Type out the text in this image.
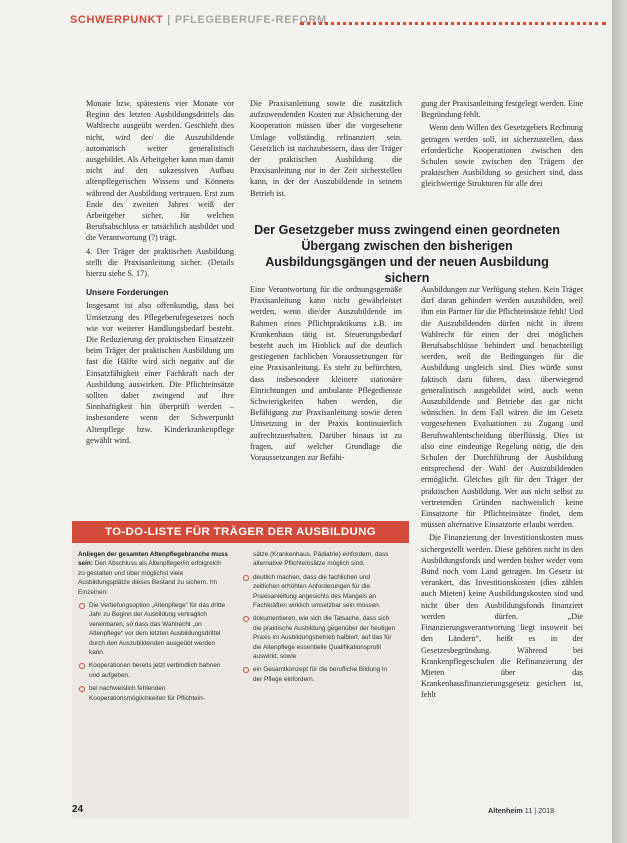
SCHWERPUNKT | PFLEGEBERUFE-REFORM

Monate bzw. spätestens vier Monate vor Beginn des letzten Ausbildungsdrittels das Wahlrecht ausgeübt werden. Geschieht dies nicht, wird der/ die Auszubildende automatisch weiter generalistisch ausgebildet. Als Arbeitgeber kann man damit nicht auf den sukzessiven Aufbau altenpflegerischen Wissens und Könnens während der Ausbildung vertrauen. Erst zum Ende des zweiten Jahres weiß der Arbeitgeber sicher, für welchen Berufsabschluss er tatsächlich ausbildet und die Verantwortung (?) trägt.

4. Der Träger der praktischen Ausbildung stellt die Praxisanleitung sicher. (Details hierzu siehe S. 17).

Unsere Forderungen

Insgesamt ist also offenkundig, dass bei Umsetzung des Pflegeberufegesetzes noch wie vor weiterer Handlungsbedarf besteht. Die Reduzierung der praktischen Einsatzzeit beim Träger der praktischen Ausbildung um fast die Hälfte wird sich negativ auf die Einsatzfähigkeit einer Fachkraft nach der Ausbildung auswirken. Die Pflichteinsätze sollten daher zwingend auf ihre Sinnhaftigkeit hin überprüft werden – insbesondere wenn der Schwerpunkt Altenpflege bzw. Kinderkrankenpflege gewählt wird.

Die Praxisanleitung sowie die zusätzlich aufzuwendenden Kosten zur Absicherung der Kooperation müssen über die vorgesehene Umlage vollständig refinanziert sein. Gesetzlich ist nachzubessern, dass der Träger der praktischen Ausbildung die Praxisanleitung nur in der Zeit sicherstellen kann, in der der Auszubildende in seinem Betrieb ist.

gung der Praxisanleitung festgelegt werden. Eine Begründung fehlt.

Wenn dem Willen des Gesetzgebers Rechnung getragen werden soll, ist sicherzustellen, dass erforderliche Kooperationen zwischen den Schulen sowie zwischen den Trägern der praktischen Ausbildung so gesichert sind, dass gleichwertige Strukturen für alle drei

Der Gesetzgeber muss zwingend einen geordneten Übergang zwischen den bisherigen Ausbildungsgängen und der neuen Ausbildung sichern

Eine Verantwortung für die ordnungsgemäße Praxisanleitung kann nicht gewährleistet werden, wenn die/der Auszubildende im Rahmen eines Pflichtpraktikums z.B. im Krankenhaus tätig ist. Steuerungsbedarf besteht auch im Hinblick auf die deutlich gestiegenen fachlichen Voraussetzungen für eine Praxisanleitung. Es steht zu befürchten, dass insbesondere kleinere stationäre Einrichtungen und ambulante Pflegedienste Schwierigkeiten haben werden, die Befähigung zur Praxisanleitung sowie deren Umsetzung in der Praxis kontinuierlich aufrechtzuerhalten. Darüber hinaus ist zu fragen, auf welcher Grundlage die Voraussetzungen zur Befähi-

Ausbildungen zur Verfügung stehen. Kein Träger darf daran gehindert werden auszubilden, weil ihm ein Partner für die Pflichteinsätze fehlt! Und die Auszubildenden dürfen nicht in ihrem Wahlrecht für einen der drei möglichen Berufsabschlüsse behindert und benachteiligt werden, weil die Bedingungen für die Ausbildung ungleich sind. Dies würde sonst faktisch dazu führen, dass überwiegend generalistisch ausgebildet wird, auch wenn Auszubildende und Betriebe das gar nicht wünschen. In dem Fall wären die im Gesetz vorgesehenen Evaluationen zu Zugang und Berufswahlentscheidung überflüssig. Dies ist also eine eindeutige Regelung nötig, die den Schulen der Durchführung der Ausbildung entsprechend der Wahl der Auszubildenden ermöglicht. Gleiches gilt für den Träger der praktischen Ausbildung. Wer aus nicht selbst zu vertretenden Gründen nachweislich keine Einsatzorte für Pflichteinsätze findet, dem müssen alternative Einsatzorte erlaubt werden.

Die Finanzierung der Investitionskosten muss sichergestellt werden. Diese gehören nicht in den Ausbildungsfonds und werden bisher weder vom Bund noch vom Land getragen. Im Gesetz ist verankert, das Investitionskosten (dies zählen auch Mieten) keine Ausbildungskosten sind und nicht über den Ausbildungsfonds finanziert werden dürfen. „Die Finanzierungsverantwortung liegt insoweit bei den Ländern“, heißt es in der Gesetzesbegründung. Während bei Krankenpflegeschulen die Refinanzierung der Mieten über das Krankenhausfinanzierungsgesetz gesichert ist, fehlt

TO-DO-LISTE FÜR TRÄGER DER AUSBILDUNG
Anliegen der gesamten Altenpflegebranche muss sein: Den Abschluss als Altenpfleger/in erfolgreich zu gestalten und über möglichst viele Ausbildungsplätze dieses Bestand zu sichern. Im Einzelnen:
Die Vertiefungsoption „Altenpflege“ für das dritte Jahr zu Beginn der Ausbildung vertraglich vereinbaren, so dass das Wahlrecht „on Altenpflege“ vor dem letzten Ausbildungsdrittel durch den Auszubildenden ausgeübt werden kann.
Kooperationen bereits jetzt verbindlich bahnen und aufgeben.
bei nachweislich fehlenden Kooperationsmöglichkeiten für Pflichtein-
sätze (Krankenhaus, Pädiatrie) einfordern, dass alternative Pflichteinsätze möglich sind.
deutlich machen, dass die fachlichen und zeitlichen erhöhten Anforderungen für die Praxisanleitung angesichts des Mangels an Fachkräften wirklich umsetzbar sein müssen.
dokumentieren, wie sich die Tatsache, dass sich die praktische Ausbildung gegenüber der heutigen Praxis im Ausbildungsbetrieb halbiert, auf das für die Altenpflege essentielle Qualifikationsprofil auswirkt, sowie
ein Gesamtkonzept für die berufliche Bildung in der Pflege einfordern.
24	Altenheim 11 | 2018
